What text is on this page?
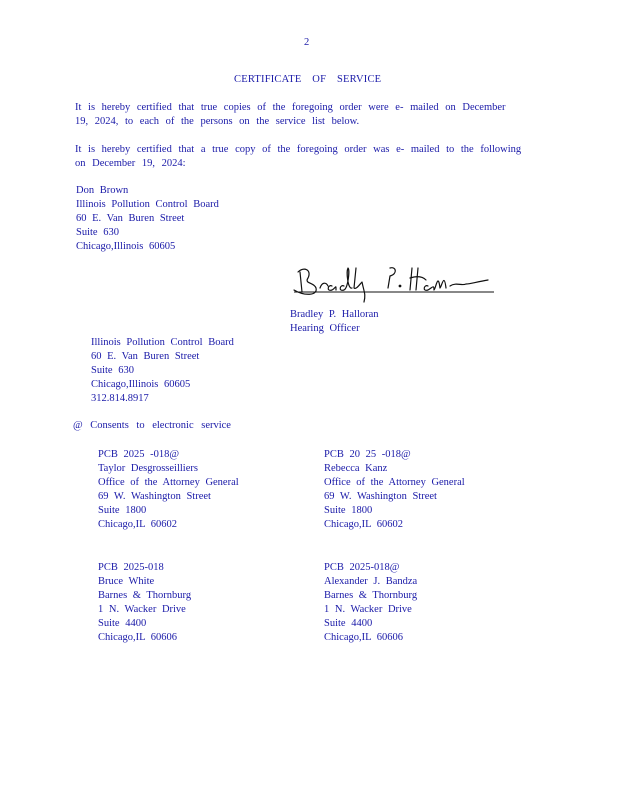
2
CERTIFICATE OF SERVICE
It is hereby certified that true copies of the foregoing order were e- mailed on December
19, 2024, to each of the persons on the service list below.
It is hereby certified that a true copy of the foregoing order was e- mailed to the following
on December 19, 2024:
Don Brown
Illinois Pollution Control Board
60 E. Van Buren Street
Suite 630
Chicago,Illinois 60605
Bradley P. Halloran
Bradley P. Halloran
Hearing Officer
Illinois Pollution Control Board
60 E. Van Buren Street
Suite 630
Chicago,Illinois 60605
312.814.8917
@ Consents to electronic service
PCB 2025 -018@
Taylor Desgrosseilliers
Office of the Attorney General
69 W. Washington Street
Suite 1800
Chicago,IL 60602
PCB 20 25 -018@
Rebecca Kanz
Office of the Attorney General
69 W. Washington Street
Suite 1800
Chicago,IL 60602
PCB 2025-018
Bruce White
Barnes & Thornburg
1 N. Wacker Drive
Suite 4400
Chicago,IL 60606
PCB 2025-018@
Alexander J. Bandza
Barnes & Thornburg
1 N. Wacker Drive
Suite 4400
Chicago,IL 60606
